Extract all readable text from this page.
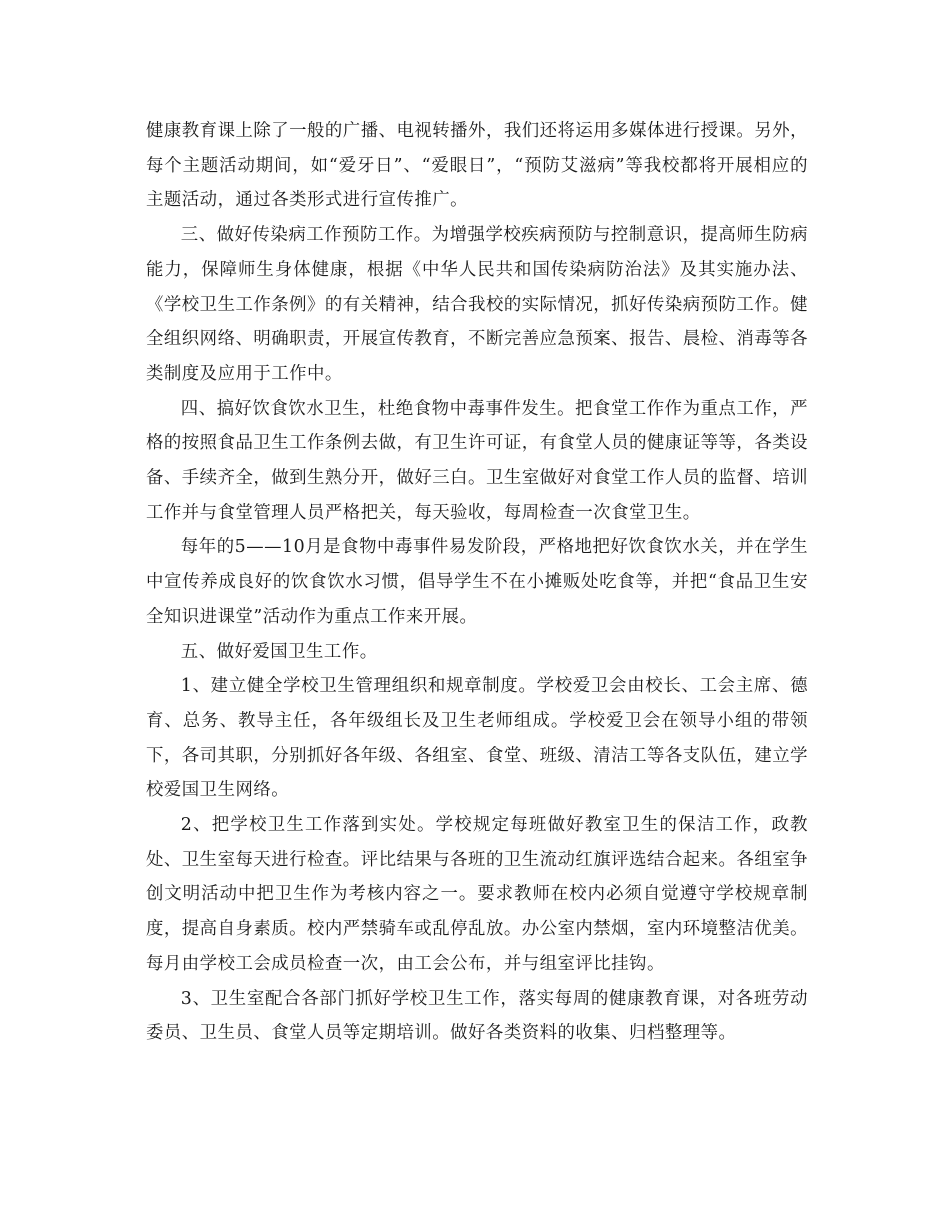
健康教育课上除了一般的广播、电视转播外，我们还将运用多媒体进行授课。另外，每个主题活动期间，如“爱牙日”、“爱眼日”，“预防艾滋病”等我校都将开展相应的主题活动，通过各类形式进行宣传推广。

三、做好传染病工作预防工作。为增强学校疾病预防与控制意识，提高师生防病能力，保障师生身体健康，根据《中华人民共和国传染病防治法》及其实施办法、《学校卫生工作条例》的有关精神，结合我校的实际情况，抓好传染病预防工作。健全组织网络、明确职责，开展宣传教育，不断完善应急预案、报告、晨检、消毒等各类制度及应用于工作中。

四、搞好饮食饮水卫生，杜绝食物中毒事件发生。把食堂工作作为重点工作，严格的按照食品卫生工作条例去做，有卫生许可证，有食堂人员的健康证等等，各类设备、手续齐全，做到生熟分开，做好三白。卫生室做好对食堂工作人员的监督、培训工作并与食堂管理人员严格把关，每天验收，每周检查一次食堂卫生。

每年的5——10月是食物中毒事件易发阶段，严格地把好饮食饮水关，并在学生中宣传养成良好的饮食饮水习惯，倡导学生不在小摊贩处吃食等，并把“食品卫生安全知识进课堂”活动作为重点工作来开展。

五、做好爱国卫生工作。

1、建立健全学校卫生管理组织和规章制度。学校爱卫会由校长、工会主席、德育、总务、教导主任，各年级组长及卫生老师组成。学校爱卫会在领导小组的带领下，各司其职，分别抓好各年级、各组室、食堂、班级、清洁工等各支队伍，建立学校爱国卫生网络。

2、把学校卫生工作落到实处。学校规定每班做好教室卫生的保洁工作，政教处、卫生室每天进行检查。评比结果与各班的卫生流动红旗评选结合起来。各组室争创文明活动中把卫生作为考核内容之一。要求教师在校内必须自觉遵守学校规章制度，提高自身素质。校内严禁骑车或乱停乱放。办公室内禁烟，室内环境整洁优美。每月由学校工会成员检查一次，由工会公布，并与组室评比挂钩。

3、卫生室配合各部门抓好学校卫生工作，落实每周的健康教育课，对各班劳动委员、卫生员、食堂人员等定期培训。做好各类资料的收集、归档整理等。
